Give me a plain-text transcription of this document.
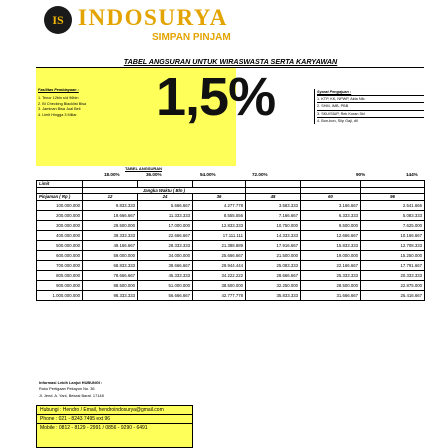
IS INDOSURYA
SIMPAN PINJAM
TABEL ANGSURAN UNTUK WIRASWASTA SERTA KARYAWAN
Fasilitas Pembiayaan :
1. Tenor 12bln s/d 96bln
2. BI Checking Blacklist Bisa
3. Jaminan Bisa Jual Beli
4. Limit Hingga 3 Miliar	1,5%	Syarat Pengajuan :
1. KTP, KK, NPWP, Akta Nik:
2. SHM, IMB, PBB
3. SKU/SIUP, Rek Koran 3bl
4. Bon-bon, Slip Gaji, dll
TABEL ANGSURAN
18.00%	36.00%	54.00%	72.00%	90%	144%
Limit						
	Jangka Waktu ( Bln )					
Pinjaman ( Rp )	12	24	36	48	60	96
100.000.000	9.833.333	5.666.667	4.277.778	3.583.333	3.166.667	2.541.666
200.000.000	19.666.667	11.333.333	8.555.556	7.166.667	6.333.333	5.083.333
300.000.000	29.500.000	17.000.000	12.833.333	10.750.000	9.500.000	7.625.000
400.000.000	39.333.333	22.666.667	17.111.111	14.333.333	12.666.667	10.166.667
500.000.000	49.166.667	28.333.333	21.388.889	17.916.667	15.833.333	12.708.333
600.000.000	59.000.000	34.000.000	25.666.667	21.500.000	19.000.000	15.250.000
700.000.000	68.833.333	39.666.667	29.944.444	25.083.333	22.166.667	17.791.667
800.000.000	78.666.667	45.333.333	34.222.222	28.666.667	25.333.333	20.333.333
900.000.000	88.500.000	51.000.000	38.500.000	32.250.000	28.500.000	22.875.000
1.000.000.000	98.333.333	56.666.667	42.777.778	35.833.333	31.666.667	25.416.667
Informasi Lebih Lanjut HUBUNGI :
Ruko Pertigaan Pekayon No. 36
Jl. Jend. A. Yani, Bekasi Barat. 17148
Hubungi : Hendro / Email, hendroindosurya@gmail.com
Phone : 021 - 8243 7495 ext 96
Mobile : 0812 - 8129 - 2991 / 0856 - 9290 - 6491
